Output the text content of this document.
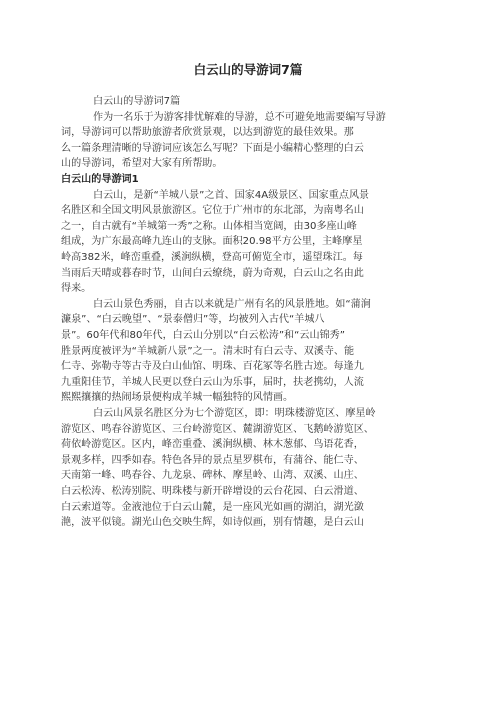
白云山的导游词7篇
白云山的导游词7篇
作为一名乐于为游客排忧解难的导游，总不可避免地需要编写导游
词，导游词可以帮助旅游者欣赏景观，以达到游览的最佳效果。那
么一篇条理清晰的导游词应该怎么写呢？下面是小编精心整理的白云
山的导游词，希望对大家有所帮助。
白云山的导游词1
白云山，是新“羊城八景”之首、国家4A级景区、国家重点风景
名胜区和全国文明风景旅游区。它位于广州市的东北部，为南粤名山
之一，自古就有“羊城第一秀”之称。山体相当宽阔，由30多座山峰
组成，为广东最高峰九连山的支脉。面积20.98平方公里，主峰摩星
岭高382米，峰峦重叠，溪涧纵横，登高可俯览全市，遥望珠江。每
当雨后天晴或暮春时节，山间白云缭绕，蔚为奇观，白云山之名由此
得来。
白云山景色秀丽，自古以来就是广州有名的风景胜地。如“蒲涧
濂泉”、“白云晚望”、“景泰僧归”等，均被列入古代“羊城八
景”。60年代和80年代，白云山分别以“白云松涛”和“云山锦秀”
胜景两度被评为“羊城新八景”之一。清末时有白云寺、双溪寺、能
仁寺、弥勒寺等古寺及白山仙馆、明珠、百花冢等名胜古迹。每逢九
九重阳佳节，羊城人民更以登白云山为乐事，届时，扶老携幼，人流
熙熙攘攘的热闹场景便构成羊城一幅独特的风情画。
白云山风景名胜区分为七个游览区，即：明珠楼游览区、摩星岭
游览区、鸣春谷游览区、三台岭游览区、麓湖游览区、飞鹅岭游览区、
荷依岭游览区。区内，峰峦重叠、溪涧纵横、林木葱郁、鸟语花香，
景观多样，四季如春。特色各异的景点星罗棋布，有蒲谷、能仁寺、
天南第一峰、鸣春谷、九龙泉、碑林、摩星岭、山湾、双溪、山庄、
白云松涛、松涛别院、明珠楼与新开辟增设的云台花园、白云滑道、
白云索道等。金液池位于白云山麓，是一座风光如画的湖泊，湖光潋
滟，波平似镜。湖光山色交映生辉，如诗似画，别有情趣，是白云山
